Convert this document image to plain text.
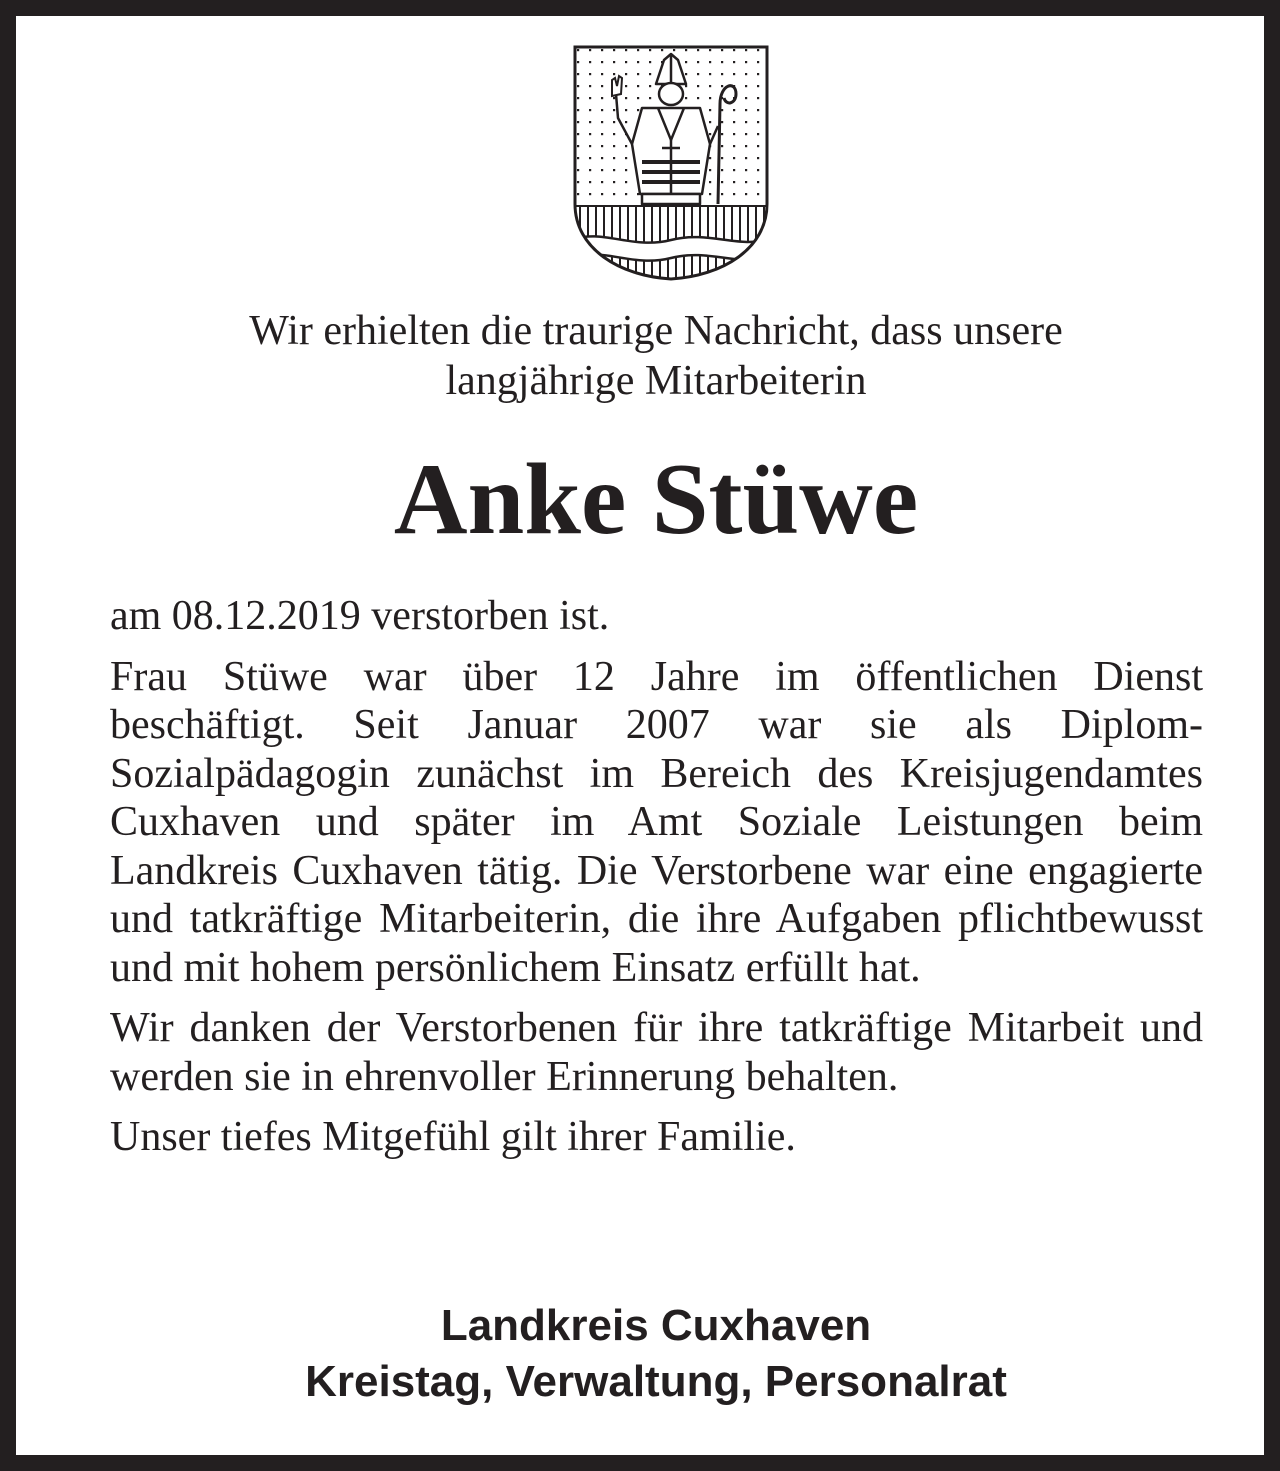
Wir erhielten die traurige Nachricht, dass unsere
langjährige Mitarbeiterin
Anke Stüwe

am 08.12.2019 verstorben ist.

Frau Stüwe war über 12 Jahre im öffentlichen Dienst beschäftigt. Seit Januar 2007 war sie als Diplom-Sozialpädagogin zunächst im Bereich des Kreisjugendamtes Cuxhaven und später im Amt Soziale Leistungen beim Landkreis Cuxhaven tätig. Die Verstorbene war eine engagierte und tatkräftige Mitarbeiterin, die ihre Aufgaben pflichtbewusst und mit hohem persönlichem Einsatz erfüllt hat.

Wir danken der Verstorbenen für ihre tatkräftige Mitarbeit und werden sie in ehrenvoller Erinnerung behalten.

Unser tiefes Mitgefühl gilt ihrer Familie.

Landkreis Cuxhaven
Kreistag, Verwaltung, Personalrat
